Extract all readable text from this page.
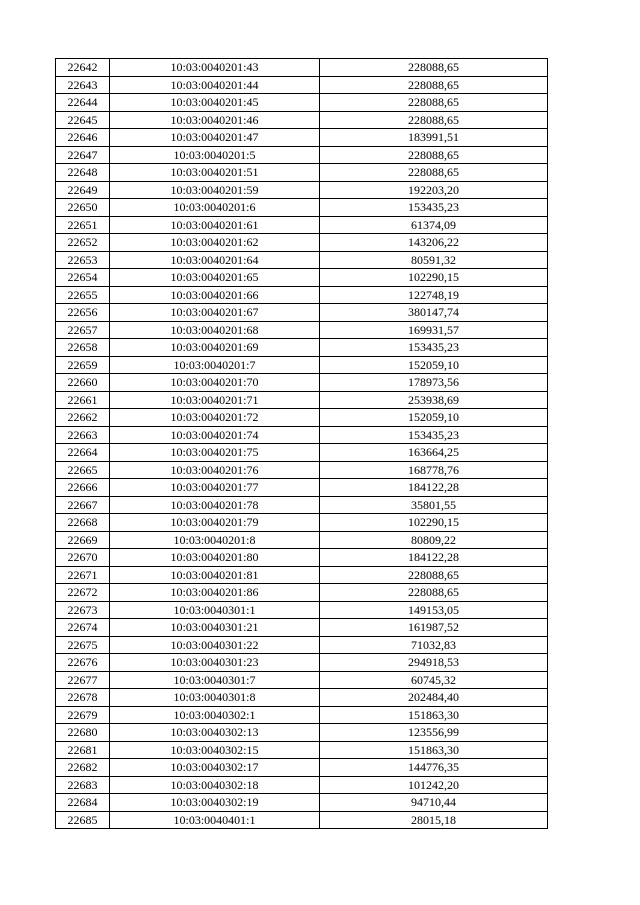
22642	10:03:0040201:43	228088,65
22643	10:03:0040201:44	228088,65
22644	10:03:0040201:45	228088,65
22645	10:03:0040201:46	228088,65
22646	10:03:0040201:47	183991,51
22647	10:03:0040201:5	228088,65
22648	10:03:0040201:51	228088,65
22649	10:03:0040201:59	192203,20
22650	10:03:0040201:6	153435,23
22651	10:03:0040201:61	61374,09
22652	10:03:0040201:62	143206,22
22653	10:03:0040201:64	80591,32
22654	10:03:0040201:65	102290,15
22655	10:03:0040201:66	122748,19
22656	10:03:0040201:67	380147,74
22657	10:03:0040201:68	169931,57
22658	10:03:0040201:69	153435,23
22659	10:03:0040201:7	152059,10
22660	10:03:0040201:70	178973,56
22661	10:03:0040201:71	253938,69
22662	10:03:0040201:72	152059,10
22663	10:03:0040201:74	153435,23
22664	10:03:0040201:75	163664,25
22665	10:03:0040201:76	168778,76
22666	10:03:0040201:77	184122,28
22667	10:03:0040201:78	35801,55
22668	10:03:0040201:79	102290,15
22669	10:03:0040201:8	80809,22
22670	10:03:0040201:80	184122,28
22671	10:03:0040201:81	228088,65
22672	10:03:0040201:86	228088,65
22673	10:03:0040301:1	149153,05
22674	10:03:0040301:21	161987,52
22675	10:03:0040301:22	71032,83
22676	10:03:0040301:23	294918,53
22677	10:03:0040301:7	60745,32
22678	10:03:0040301:8	202484,40
22679	10:03:0040302:1	151863,30
22680	10:03:0040302:13	123556,99
22681	10:03:0040302:15	151863,30
22682	10:03:0040302:17	144776,35
22683	10:03:0040302:18	101242,20
22684	10:03:0040302:19	94710,44
22685	10:03:0040401:1	28015,18
